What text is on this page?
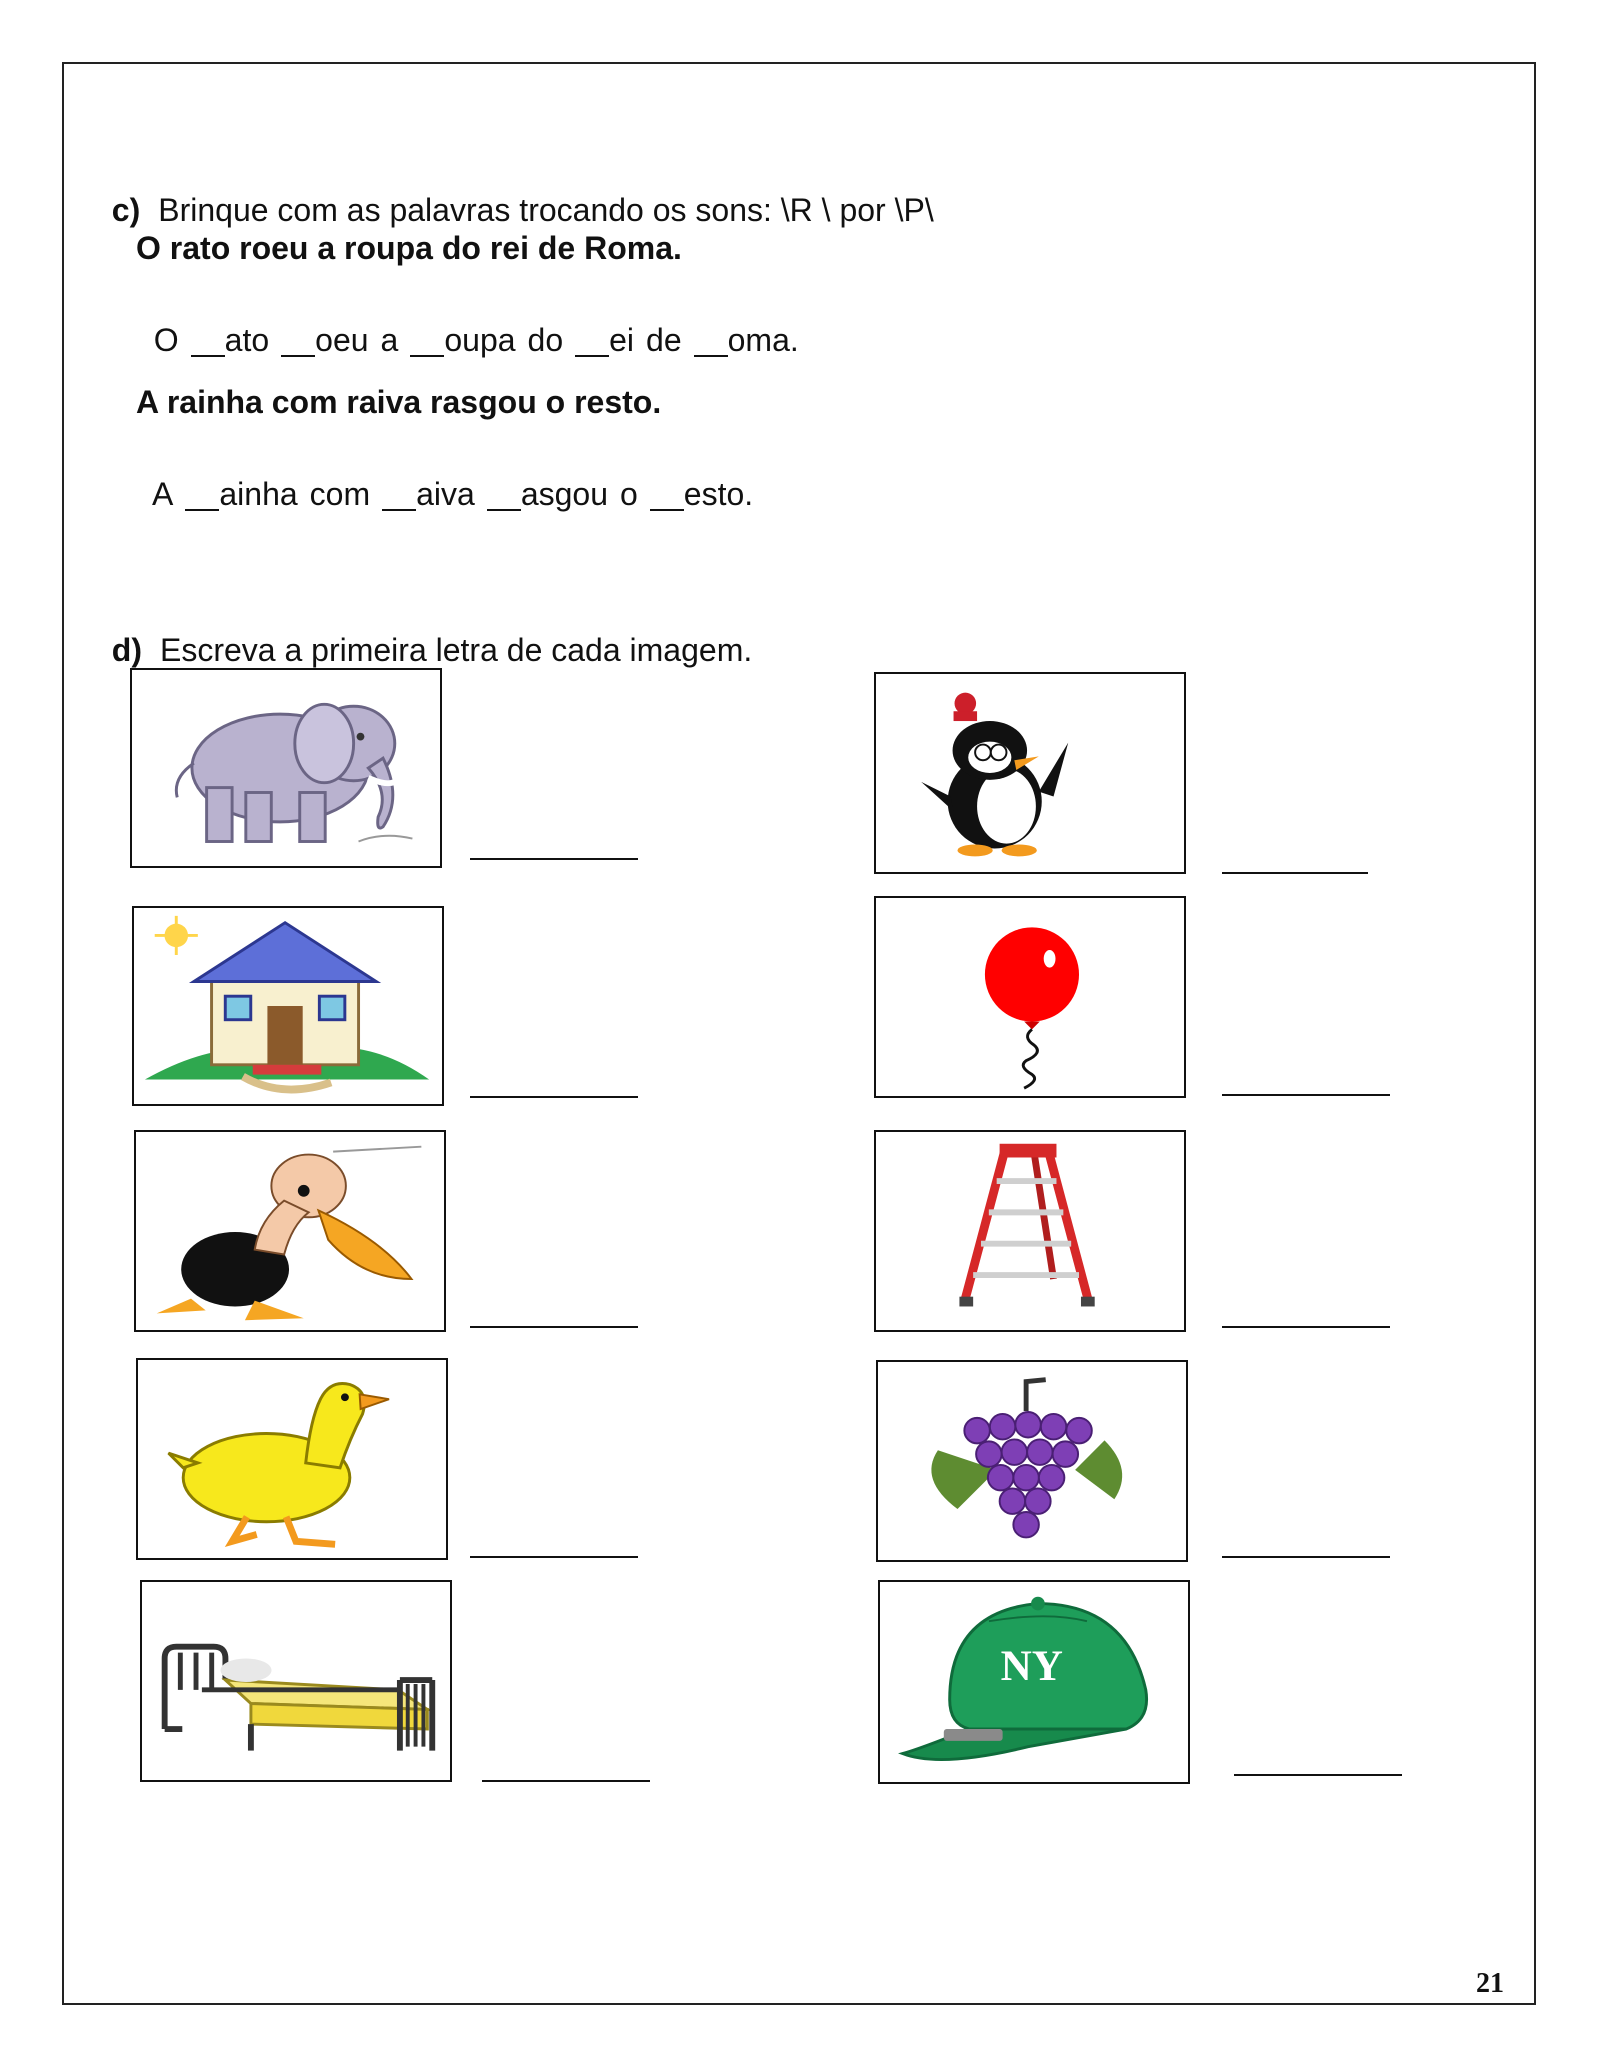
c) Brinque com as palavras trocando os sons: \R \ por \P\

O rato roeu a roupa do rei de Roma.

O ato oeu a oupa do ei de oma.

A rainha com raiva rasgou o resto.

A ainha com aiva asgou o esto.

d) Escreva a primeira letra de cada imagem.

NY
21
